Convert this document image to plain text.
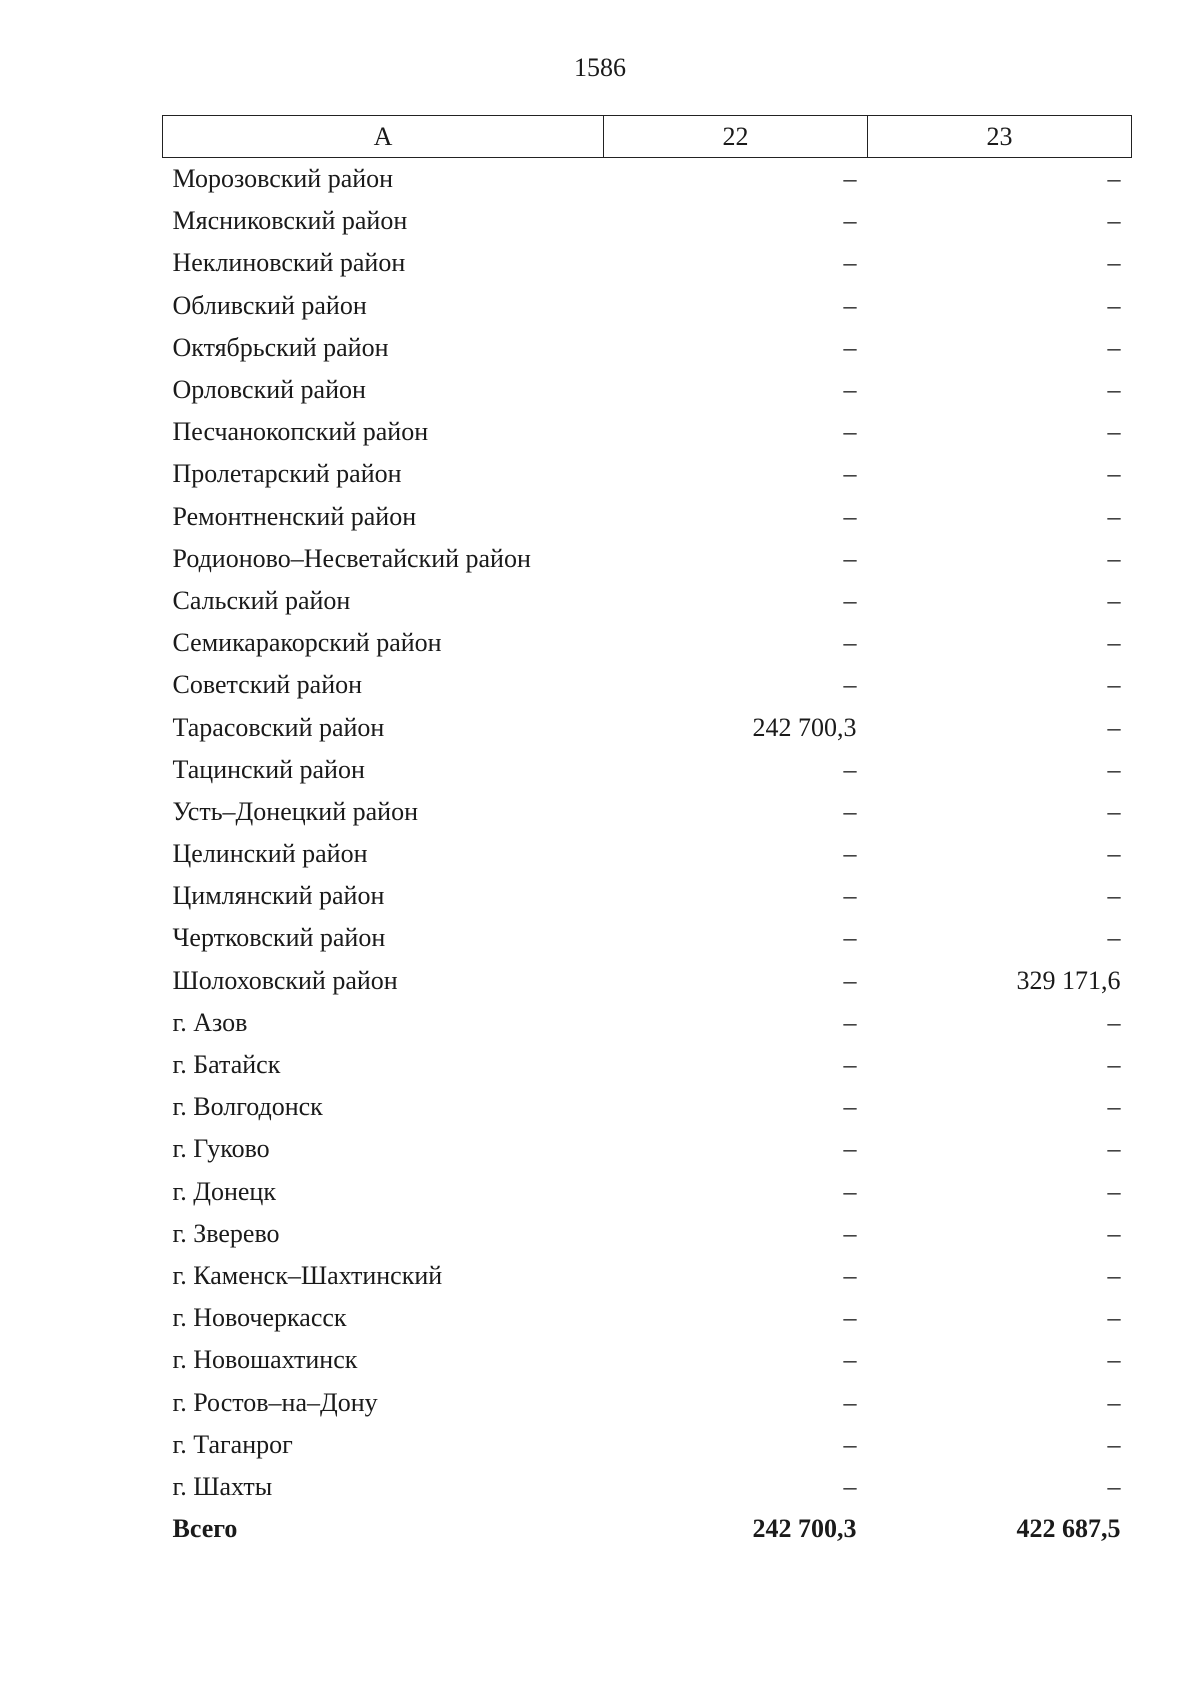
1586
А	22	23
Морозовский район	–	–
Мясниковский район	–	–
Неклиновский район	–	–
Обливский район	–	–
Октябрьский район	–	–
Орловский район	–	–
Песчанокопский район	–	–
Пролетарский район	–	–
Ремонтненский район	–	–
Родионово–Несветайский район	–	–
Сальский район	–	–
Семикаракорский район	–	–
Советский район	–	–
Тарасовский район	242 700,3	–
Тацинский район	–	–
Усть–Донецкий район	–	–
Целинский район	–	–
Цимлянский район	–	–
Чертковский район	–	–
Шолоховский район	–	329 171,6
г. Азов	–	–
г. Батайск	–	–
г. Волгодонск	–	–
г. Гуково	–	–
г. Донецк	–	–
г. Зверево	–	–
г. Каменск–Шахтинский	–	–
г. Новочеркасск	–	–
г. Новошахтинск	–	–
г. Ростов–на–Дону	–	–
г. Таганрог	–	–
г. Шахты	–	–
Всего	242 700,3	422 687,5
